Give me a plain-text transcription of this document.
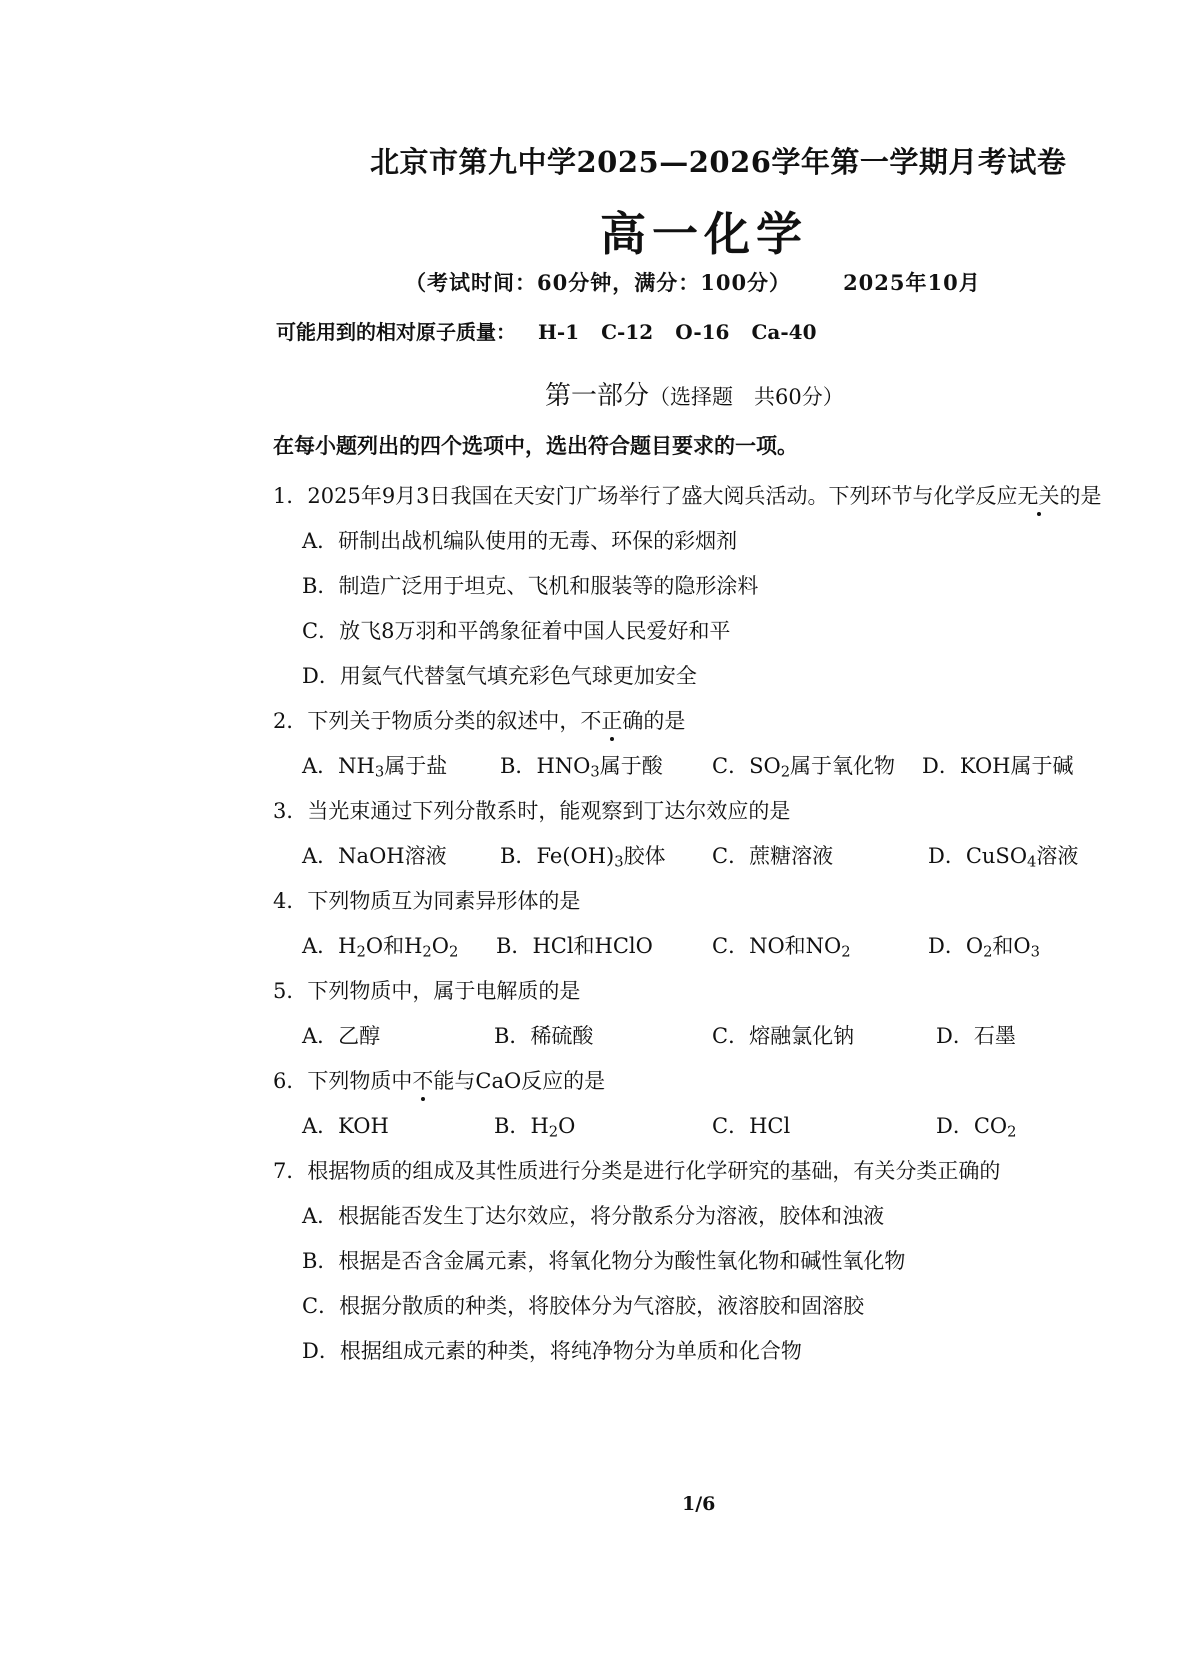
北京市第九中学2025—2026学年第一学期月考试卷
高一化学
（考试时间：60分钟，满分：100分） 2025年10月
可能用到的相对原子质量： H-1 C-12 O-16 Ca-40
第一部分（选择题　共60分）
在每小题列出的四个选项中，选出符合题目要求的一项。
1．2025年9月3日我国在天安门广场举行了盛大阅兵活动。下列环节与化学反应无关的是
A．研制出战机编队使用的无毒、环保的彩烟剂
B．制造广泛用于坦克、飞机和服装等的隐形涂料
C．放飞8万羽和平鸽象征着中国人民爱好和平
D．用氦气代替氢气填充彩色气球更加安全
2．下列关于物质分类的叙述中，不正确的是
A．$NH_3$属于盐	B．$HNO_3$属于酸 C．$SO_2$属于氧化物 D．KOH属于碱
3．当光束通过下列分散系时，能观察到丁达尔效应的是
A．NaOH溶液	B．$Fe(OH)_3$胶体 C．蔗糖溶液	D．CuSO$_4$溶液
4．下列物质互为同素异形体的是
A．$H_2O$和$H_2O_2$ B．HCl和HClO	C．NO和$NO_2$	D．$O_2$和$O_3$
5．下列物质中，属于电解质的是
A．乙醇	B．稀硫酸	C．熔融氯化钠	D．石墨
6．下列物质中不能与CaO反应的是
A．KOH	B．$H_2O$	C．HCl	D．$CO_2$
7．根据物质的组成及其性质进行分类是进行化学研究的基础，有关分类正确的
A．根据能否发生丁达尔效应，将分散系分为溶液，胶体和浊液
B．根据是否含金属元素，将氧化物分为酸性氧化物和碱性氧化物
C．根据分散质的种类，将胶体分为气溶胶，液溶胶和固溶胶
D．根据组成元素的种类，将纯净物分为单质和化合物
1/6
